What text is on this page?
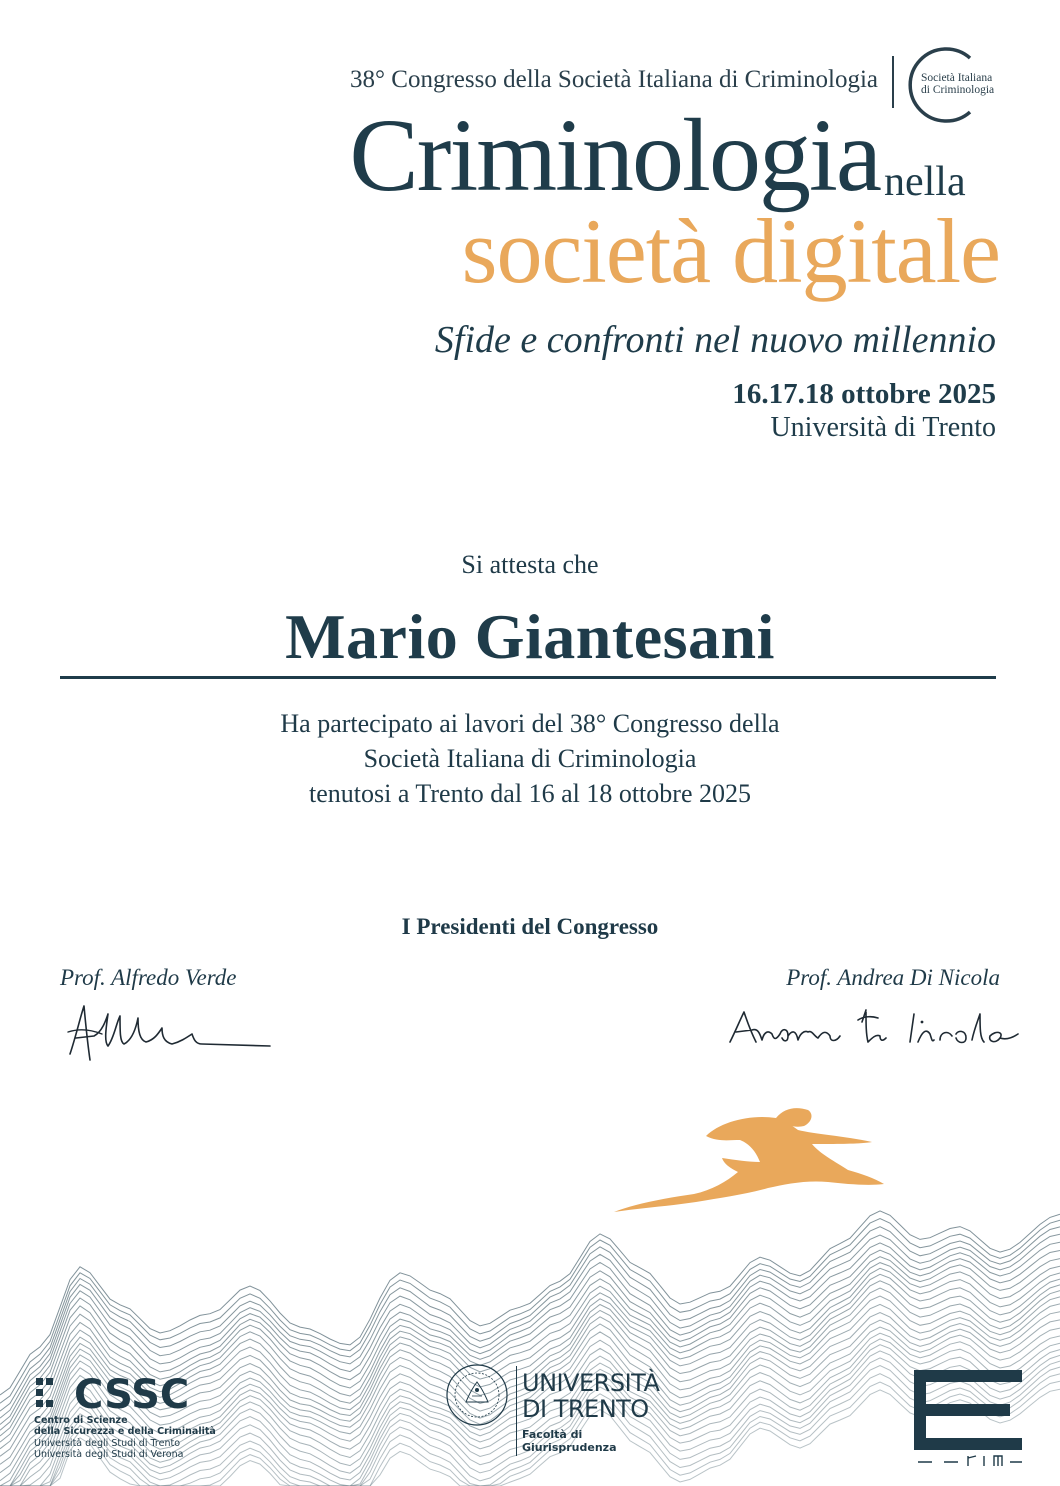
38° Congresso della Società Italiana di Criminologia	Società Italiana
di Criminologia
Criminologia nella
società digitale
Sfide e confronti nel nuovo millennio
16.17.18 ottobre 2025
Università di Trento
Si attesta che
Mario Giantesani
Ha partecipato ai lavori del 38° Congresso della
Società Italiana di Criminologia
tenutosi a Trento dal 16 al 18 ottobre 2025
I Presidenti del Congresso
Prof. Alfredo Verde	Prof. Andrea Di Nicola
CSSC
Centro di Scienze
della Sicurezza e della Criminalità
Università degli Studi di Trento
Università degli Studi di Verona
UNIVERSITÀ
DI TRENTO
Facoltà di
Giurisprudenza
